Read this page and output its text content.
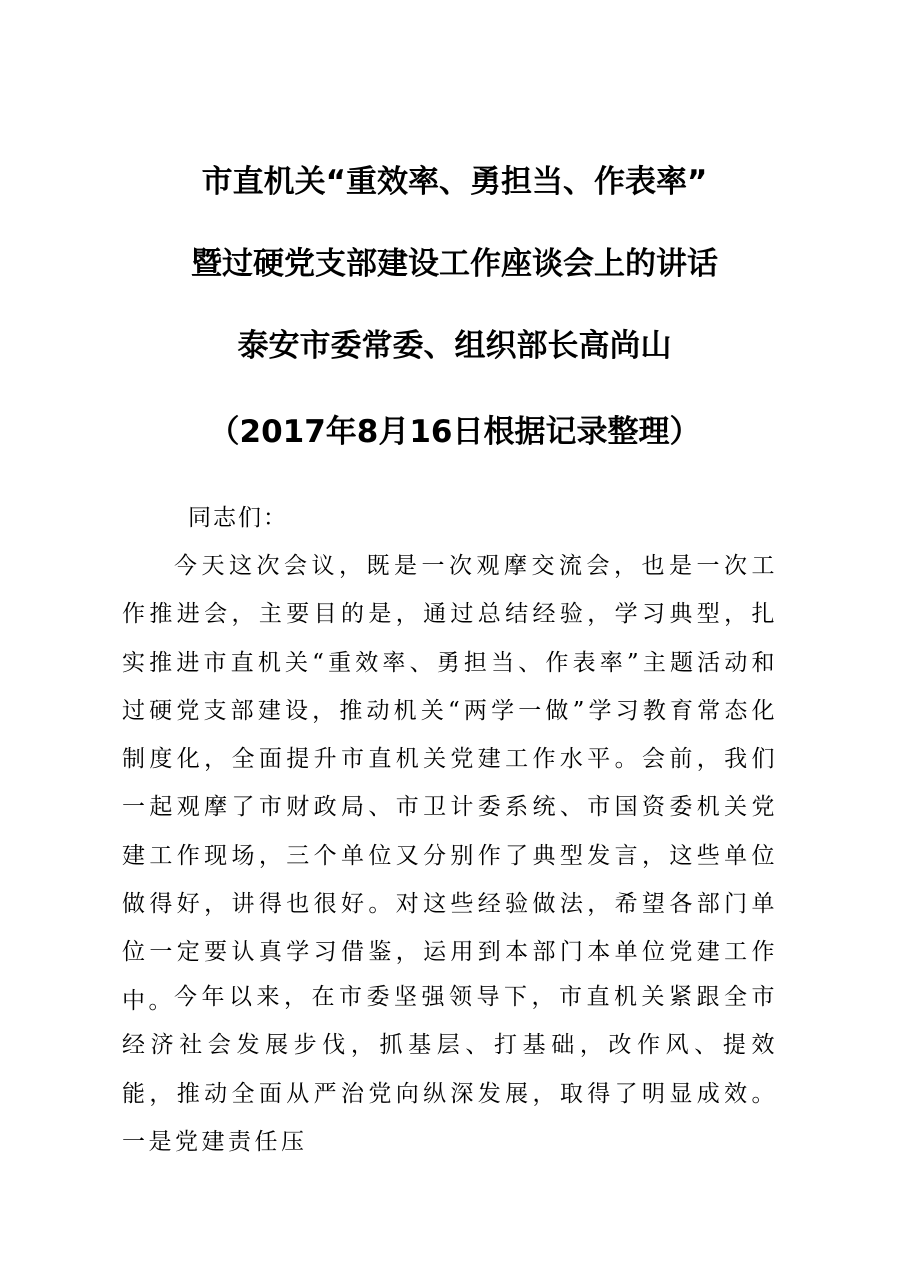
市直机关“重效率、勇担当、作表率”
暨过硬党支部建设工作座谈会上的讲话
泰安市委常委、组织部长高尚山
（2017年8月16日根据记录整理）

同志们：

今天这次会议，既是一次观摩交流会，也是一次工作推进会，主要目的是，通过总结经验，学习典型，扎实推进市直机关“重效率、勇担当、作表率”主题活动和过硬党支部建设，推动机关“两学一做”学习教育常态化制度化，全面提升市直机关党建工作水平。会前，我们一起观摩了市财政局、市卫计委系统、市国资委机关党建工作现场，三个单位又分别作了典型发言，这些单位做得好，讲得也很好。对这些经验做法，希望各部门单位一定要认真学习借鉴，运用到本部门本单位党建工作中。 今年以来，在市委坚强领导下，市直机关紧跟全市经济社会发展步伐，抓基层、打基础，改作风、提效能，推动全面从严治党向纵深发展，取得了明显成效。一是党建责任压
